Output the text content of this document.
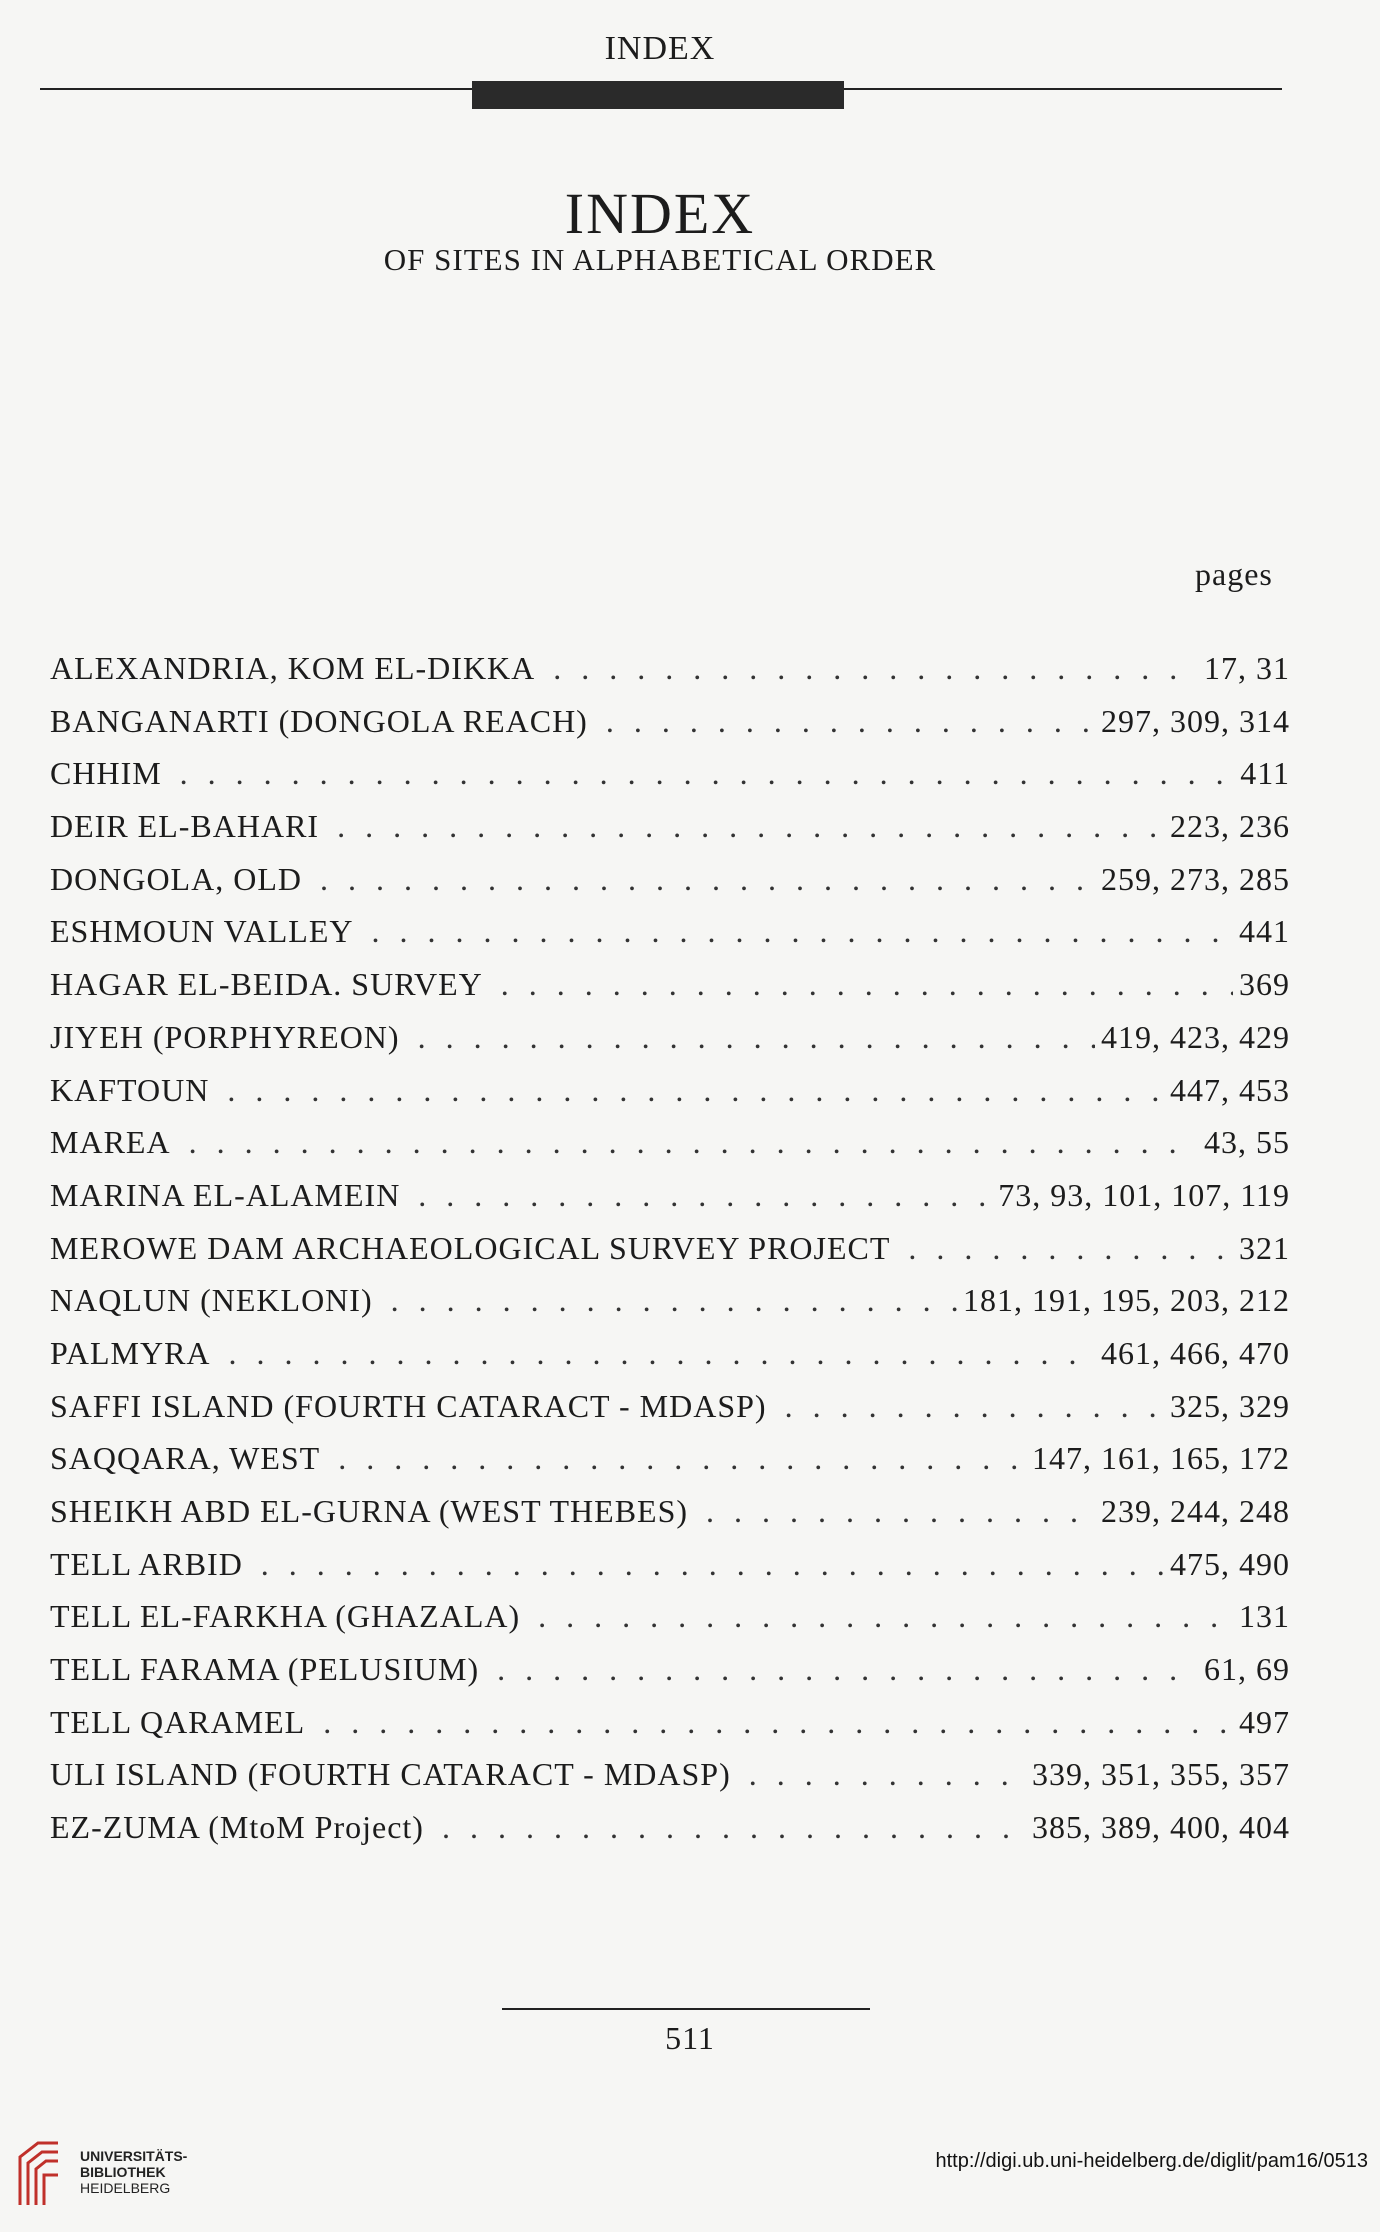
INDEX
INDEX
OF SITES IN ALPHABETICAL ORDER
pages
ALEXANDRIA, KOM EL-DIKKA . . .	17, 31
BANGANARTI (DONGOLA REACH) . . .	297, 309, 314
CHHIM . . .	411
DEIR EL-BAHARI . . .	223, 236
DONGOLA, OLD . . .	259, 273, 285
ESHMOUN VALLEY . . .	441
HAGAR EL-BEIDA. SURVEY . . .	369
JIYEH (PORPHYREON) . . .	419, 423, 429
KAFTOUN . . .	447, 453
MAREA . . .	43, 55
MARINA EL-ALAMEIN . . .	73, 93, 101, 107, 119
MEROWE DAM ARCHAEOLOGICAL SURVEY PROJECT . . .	321
NAQLUN (NEKLONI) . . .	181, 191, 195, 203, 212
PALMYRA . . .	461, 466, 470
SAFFI ISLAND (FOURTH CATARACT - MDASP) . . .	325, 329
SAQQARA, WEST . . .	147, 161, 165, 172
SHEIKH ABD EL-GURNA (WEST THEBES) . . .	239, 244, 248
TELL ARBID . . .	475, 490
TELL EL-FARKHA (GHAZALA) . . .	131
TELL FARAMA (PELUSIUM) . . .	61, 69
TELL QARAMEL . . .	497
ULI ISLAND (FOURTH CATARACT - MDASP) . . .	339, 351, 355, 357
EZ-ZUMA (MtoM Project) . . .	385, 389, 400, 404
511
UNIVERSITÄTS-
BIBLIOTHEK
HEIDELBERG
http://digi.ub.uni-heidelberg.de/diglit/pam16/0513
